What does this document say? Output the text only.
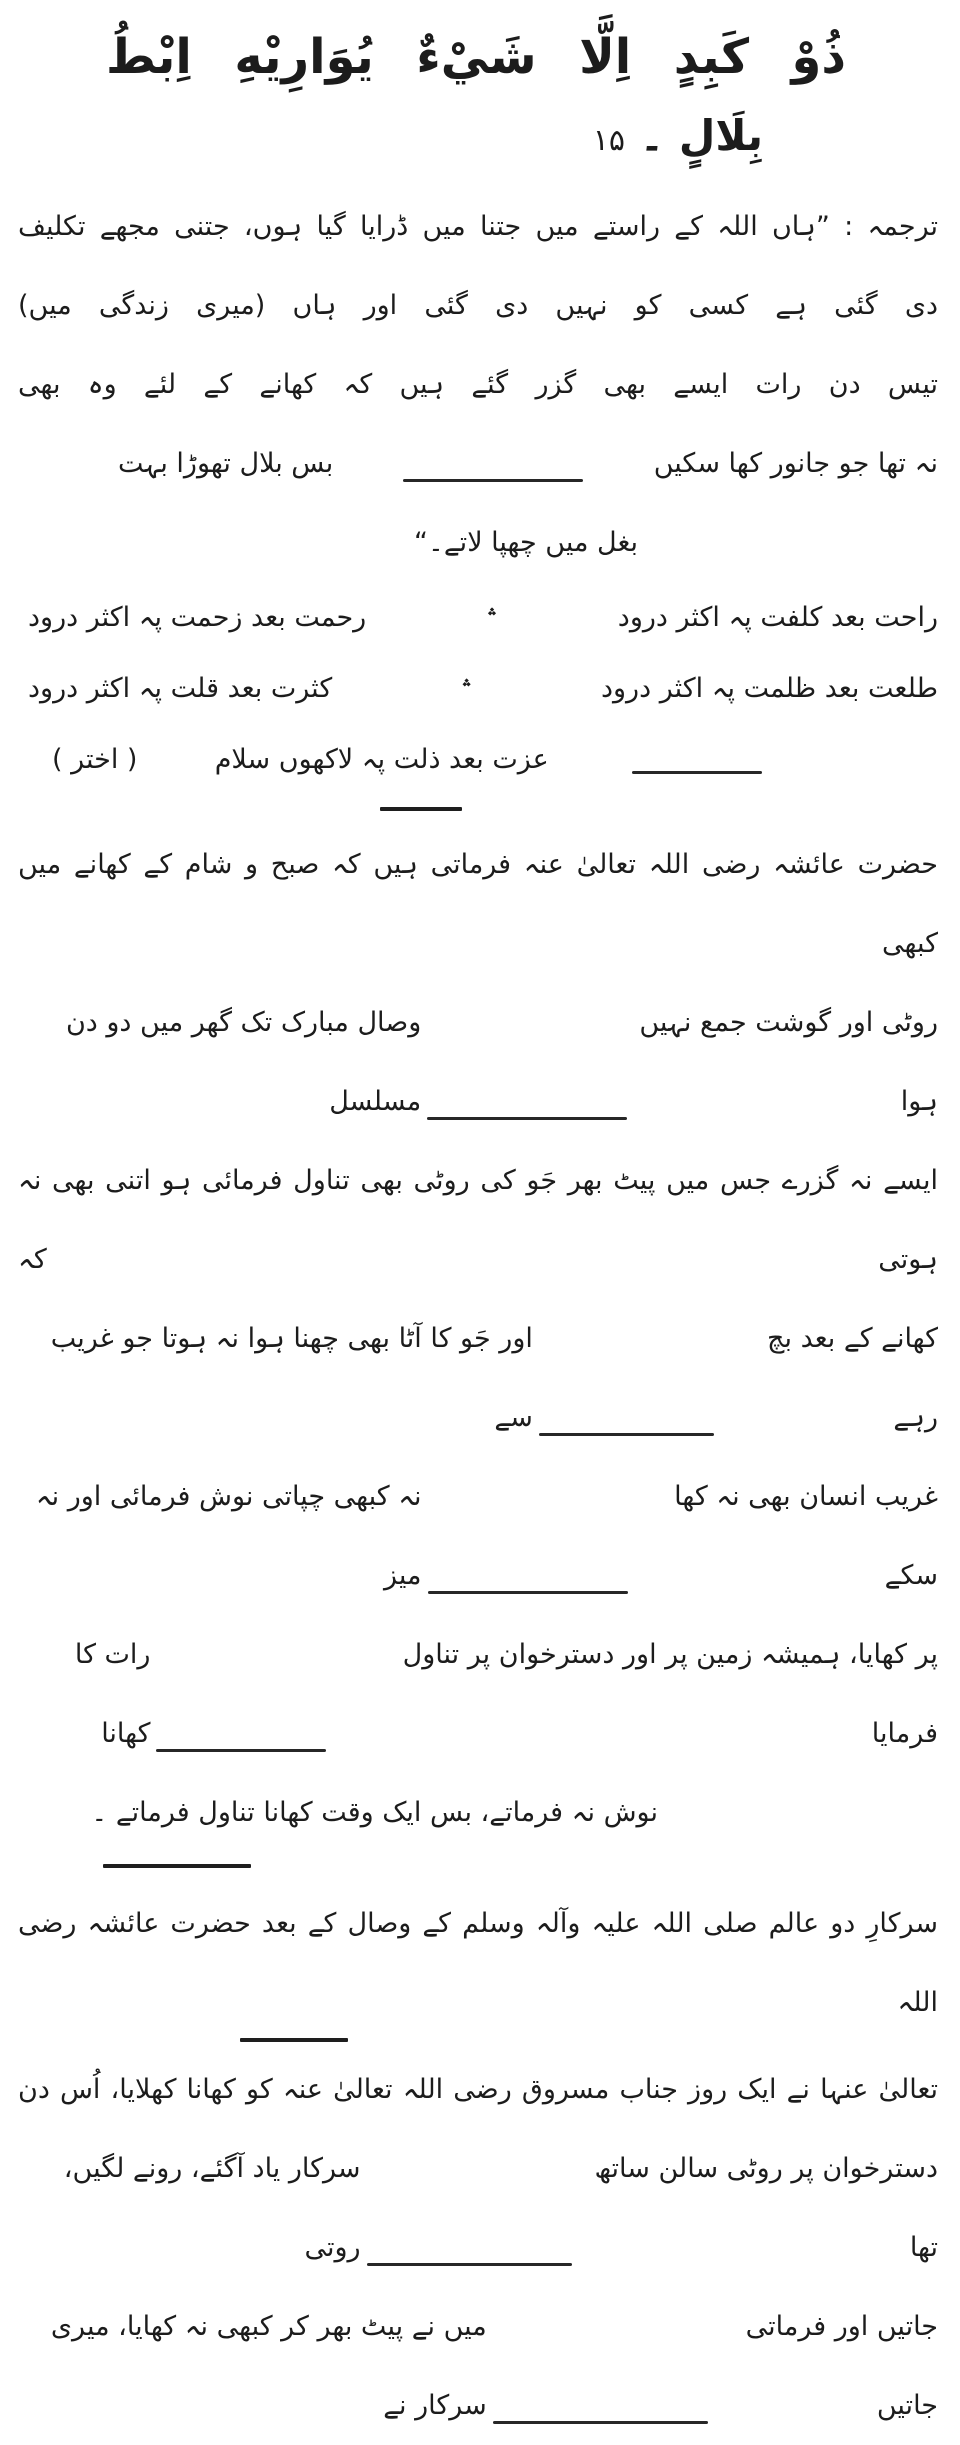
ذُوْ كَبِدٍ اِلَّا شَيْءٌ يُوَارِيْهِ اِبْطُ
بِلَالٍ ۔ ۱۵
ترجمہ : ”ہاں اللہ کے راستے میں جتنا میں ڈرایا گیا ہوں، جتنی مجھے تکلیف
دی گئی ہے کسی کو نہیں دی گئی اور ہاں (میری زندگی میں)
تیس دن رات ایسے بھی گزر گئے ہیں کہ کھانے کے لئے وہ بھی
نہ تھا جو جانور کھا سکیں
بس بلال تھوڑا بہت
بغل میں چھپا لاتے۔“
راحت بعد کلفت پہ اکثر درود
؞
رحمت بعد زحمت پہ اکثر درود
طلعت بعد ظلمت پہ اکثر درود
؞
کثرت بعد قلت پہ اکثر درود
عزت بعد ذلت پہ لاکھوں سلام
( اختر )
حضرت عائشہ رضی اللہ تعالیٰ عنہ فرماتی ہیں کہ صبح و شام کے کھانے میں کبھی
روٹی اور گوشت جمع نہیں ہوا
وصال مبارک تک گھر میں دو دن مسلسل
ایسے نہ گزرے جس میں پیٹ بھر جَو کی روٹی بھی تناول فرمائی ہو اتنی بھی نہ ہوتی کہ
کھانے کے بعد بچ رہے
اور جَو کا آٹا بھی چھنا ہوا نہ ہوتا جو غریب سے
غریب انسان بھی نہ کھا سکے
نہ کبھی چپاتی نوش فرمائی اور نہ میز
پر کھایا، ہمیشہ زمین پر اور دسترخوان پر تناول فرمایا
رات کا کھانا
نوش نہ فرماتے، بس ایک وقت کھانا تناول فرماتے ۔
سرکارِ دو عالم صلی اللہ علیہ وآلہ وسلم کے وصال کے بعد حضرت عائشہ رضی اللہ
تعالیٰ عنہا نے ایک روز جناب مسروق رضی اللہ تعالیٰ عنہ کو کھانا کھلایا، اُس دن
دسترخوان پر روٹی سالن ساتھ تھا
سرکار یاد آگئے، رونے لگیں، روتی
جاتیں اور فرماتی جاتیں
میں نے پیٹ بھر کر کبھی نہ کھایا، میری سرکار نے
